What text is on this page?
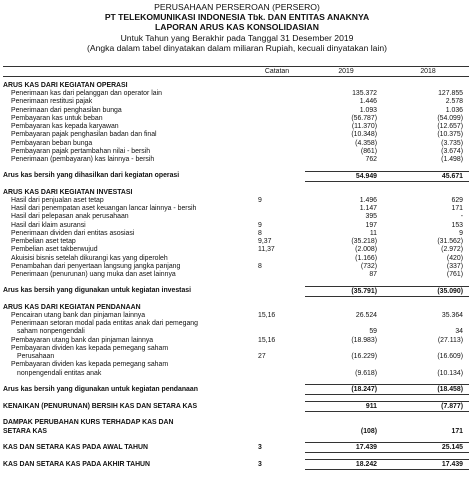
PERUSAHAAN PERSEROAN (PERSERO)
PT TELEKOMUNIKASI INDONESIA Tbk. DAN ENTITAS ANAKNYA
LAPORAN ARUS KAS KONSOLIDASIAN
Untuk Tahun yang Berakhir pada Tanggal 31 Desember 2019
(Angka dalam tabel dinyatakan dalam miliaran Rupiah, kecuali dinyatakan lain)
	Catatan	2019	2018

ARUS KAS DARI KEGIATAN OPERASI			
Penerimaan kas dari pelanggan dan operator lain		135.372	127.855
Penerimaan restitusi pajak		1.446	2.578
Penerimaan dari penghasilan bunga		1.093	1.036
Pembayaran kas untuk beban		(56.787)	(54.099)
Pembayaran kas kepada karyawan		(11.370)	(12.657)
Pembayaran pajak penghasilan badan dan final		(10.348)	(10.375)
Pembayaran beban bunga		(4.358)	(3.735)
Pembayaran pajak pertambahan nilai - bersih		(861)	(3.674)
Penerimaan (pembayaran) kas lainnya - bersih		762	(1.498)

Arus kas bersih yang dihasilkan dari kegiatan operasi		54.949	45.671

ARUS KAS DARI KEGIATAN INVESTASI			
Hasil dari penjualan aset tetap	9	1.496	629
Hasil dari penempatan aset keuangan lancar lainnya - bersih		1.147	171
Hasil dari pelepasan anak perusahaan		395	-
Hasil dari klaim asuransi	9	197	153
Penerimaan dividen dari entitas asosiasi	8	11	9
Pembelian aset tetap	9,37	(35.218)	(31.562)
Pembelian aset takberwujud	11,37	(2.008)	(2.972)
Akuisisi bisnis setelah dikurangi kas yang diperoleh		(1.166)	(420)
Penambahan dari penyertaan langsung jangka panjang	8	(732)	(337)
Penerimaan (penurunan) uang muka dan aset lainnya		87	(761)

Arus kas bersih yang digunakan untuk kegiatan investasi		(35.791)	(35.090)

ARUS KAS DARI KEGIATAN PENDANAAN			
Pencairan utang bank dan pinjaman lainnya	15,16	26.524	35.364
Penerimaan setoran modal pada entitas anak dari pemegang			
saham nonpengendali		59	34
Pembayaran utang bank dan pinjaman lainnya	15,16	(18.983)	(27.113)
Pembayaran dividen kas kepada pemegang saham			
Perusahaan	27	(16.229)	(16.609)
Pembayaran dividen kas kepada pemegang saham			
nonpengendali entitas anak		(9.618)	(10.134)

Arus kas bersih yang digunakan untuk kegiatan pendanaan		(18.247)	(18.458)

KENAIKAN (PENURUNAN) BERSIH KAS DAN SETARA KAS		911	(7.877)

DAMPAK PERUBAHAN KURS TERHADAP KAS DAN			
SETARA KAS		(108)	171

KAS DAN SETARA KAS PADA AWAL TAHUN	3	17.439	25.145

KAS DAN SETARA KAS PADA AKHIR TAHUN	3	18.242	17.439
